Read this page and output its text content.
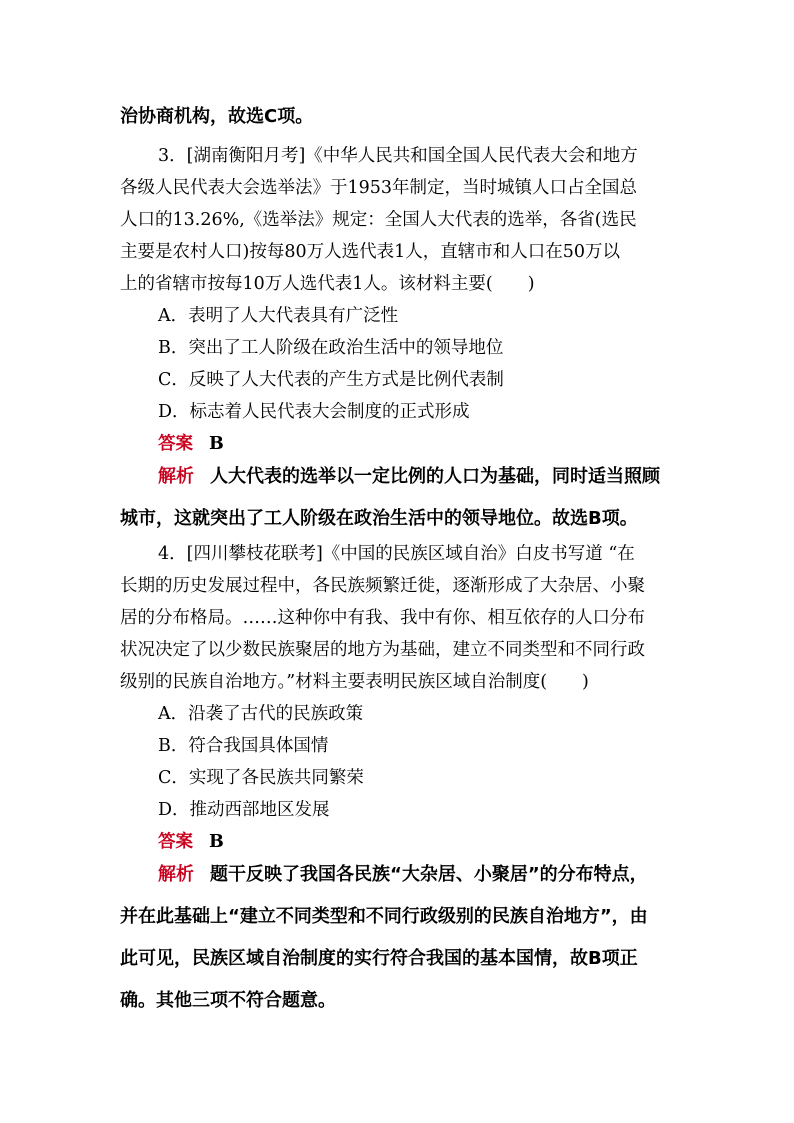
治协商机构，故选C项。
3．[湖南衡阳月考]《中华人民共和国全国人民代表大会和地方
各级人民代表大会选举法》于1953年制定，当时城镇人口占全国总
人口的13.26%,《选举法》规定：全国人大代表的选举，各省(选民
主要是农村人口)按每80万人选代表1人，直辖市和人口在50万以
上的省辖市按每10万人选代表1人。该材料主要(　　)
A．表明了人大代表具有广泛性
B．突出了工人阶级在政治生活中的领导地位
C．反映了人大代表的产生方式是比例代表制
D．标志着人民代表大会制度的正式形成
答案 B
解析 人大代表的选举以一定比例的人口为基础，同时适当照顾
城市，这就突出了工人阶级在政治生活中的领导地位。故选B项。
4．[四川攀枝花联考]《中国的民族区域自治》白皮书写道 “在
长期的历史发展过程中，各民族频繁迁徙，逐渐形成了大杂居、小聚
居的分布格局。……这种你中有我、我中有你、相互依存的人口分布
状况决定了以少数民族聚居的地方为基础，建立不同类型和不同行政
级别的民族自治地方。”材料主要表明民族区域自治制度(　　)
A．沿袭了古代的民族政策
B．符合我国具体国情
C．实现了各民族共同繁荣
D．推动西部地区发展
答案 B
解析 题干反映了我国各民族“大杂居、小聚居”的分布特点，
并在此基础上“建立不同类型和不同行政级别的民族自治地方”，由
此可见，民族区域自治制度的实行符合我国的基本国情，故B项正
确。其他三项不符合题意。
